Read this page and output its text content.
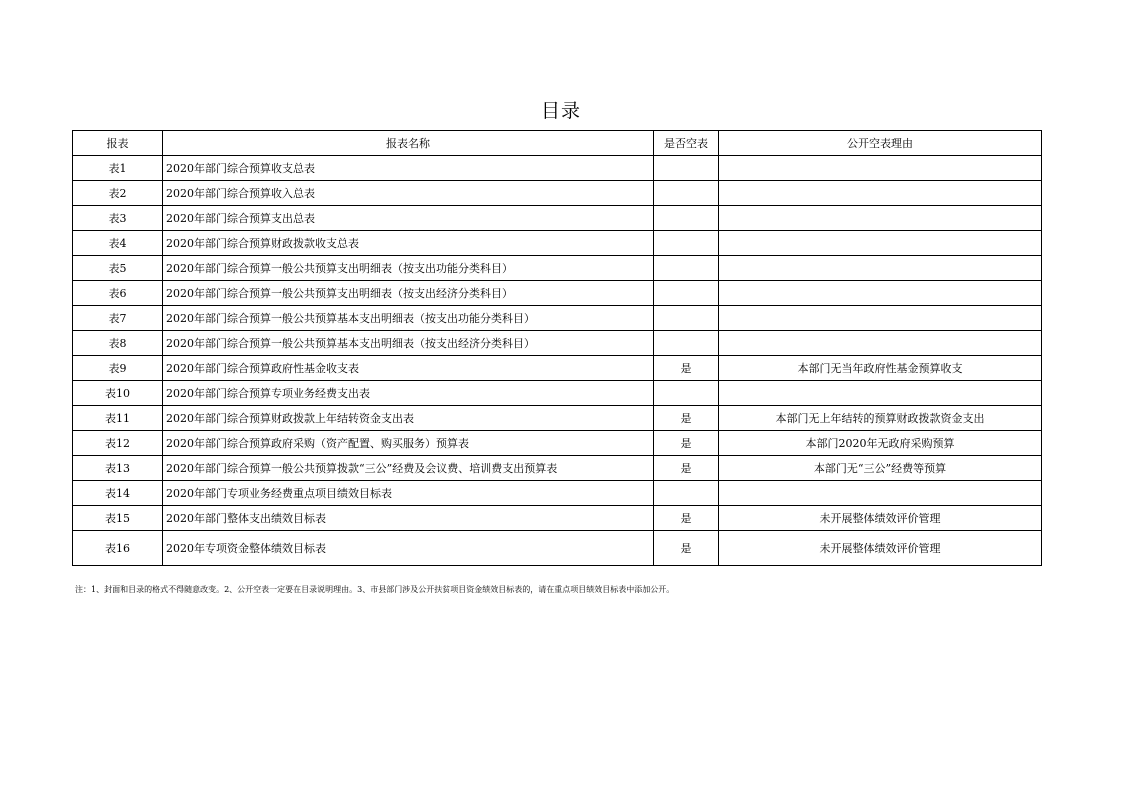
目录
报表	报表名称	是否空表	公开空表理由
表1	2020年部门综合预算收支总表		
表2	2020年部门综合预算收入总表		
表3	2020年部门综合预算支出总表		
表4	2020年部门综合预算财政拨款收支总表		
表5	2020年部门综合预算一般公共预算支出明细表（按支出功能分类科目）		
表6	2020年部门综合预算一般公共预算支出明细表（按支出经济分类科目）		
表7	2020年部门综合预算一般公共预算基本支出明细表（按支出功能分类科目）		
表8	2020年部门综合预算一般公共预算基本支出明细表（按支出经济分类科目）		
表9	2020年部门综合预算政府性基金收支表	是	本部门无当年政府性基金预算收支
表10	2020年部门综合预算专项业务经费支出表		
表11	2020年部门综合预算财政拨款上年结转资金支出表	是	本部门无上年结转的预算财政拨款资金支出
表12	2020年部门综合预算政府采购（资产配置、购买服务）预算表	是	本部门2020年无政府采购预算
表13	2020年部门综合预算一般公共预算拨款“三公”经费及会议费、培训费支出预算表	是	本部门无“三公”经费等预算
表14	2020年部门专项业务经费重点项目绩效目标表		
表15	2020年部门整体支出绩效目标表	是	未开展整体绩效评价管理
表16	2020年专项资金整体绩效目标表	是	未开展整体绩效评价管理
注：1、封面和目录的格式不得随意改变。2、公开空表一定要在目录说明理由。3、市县部门涉及公开扶贫项目资金绩效目标表的，请在重点项目绩效目标表中添加公开。
